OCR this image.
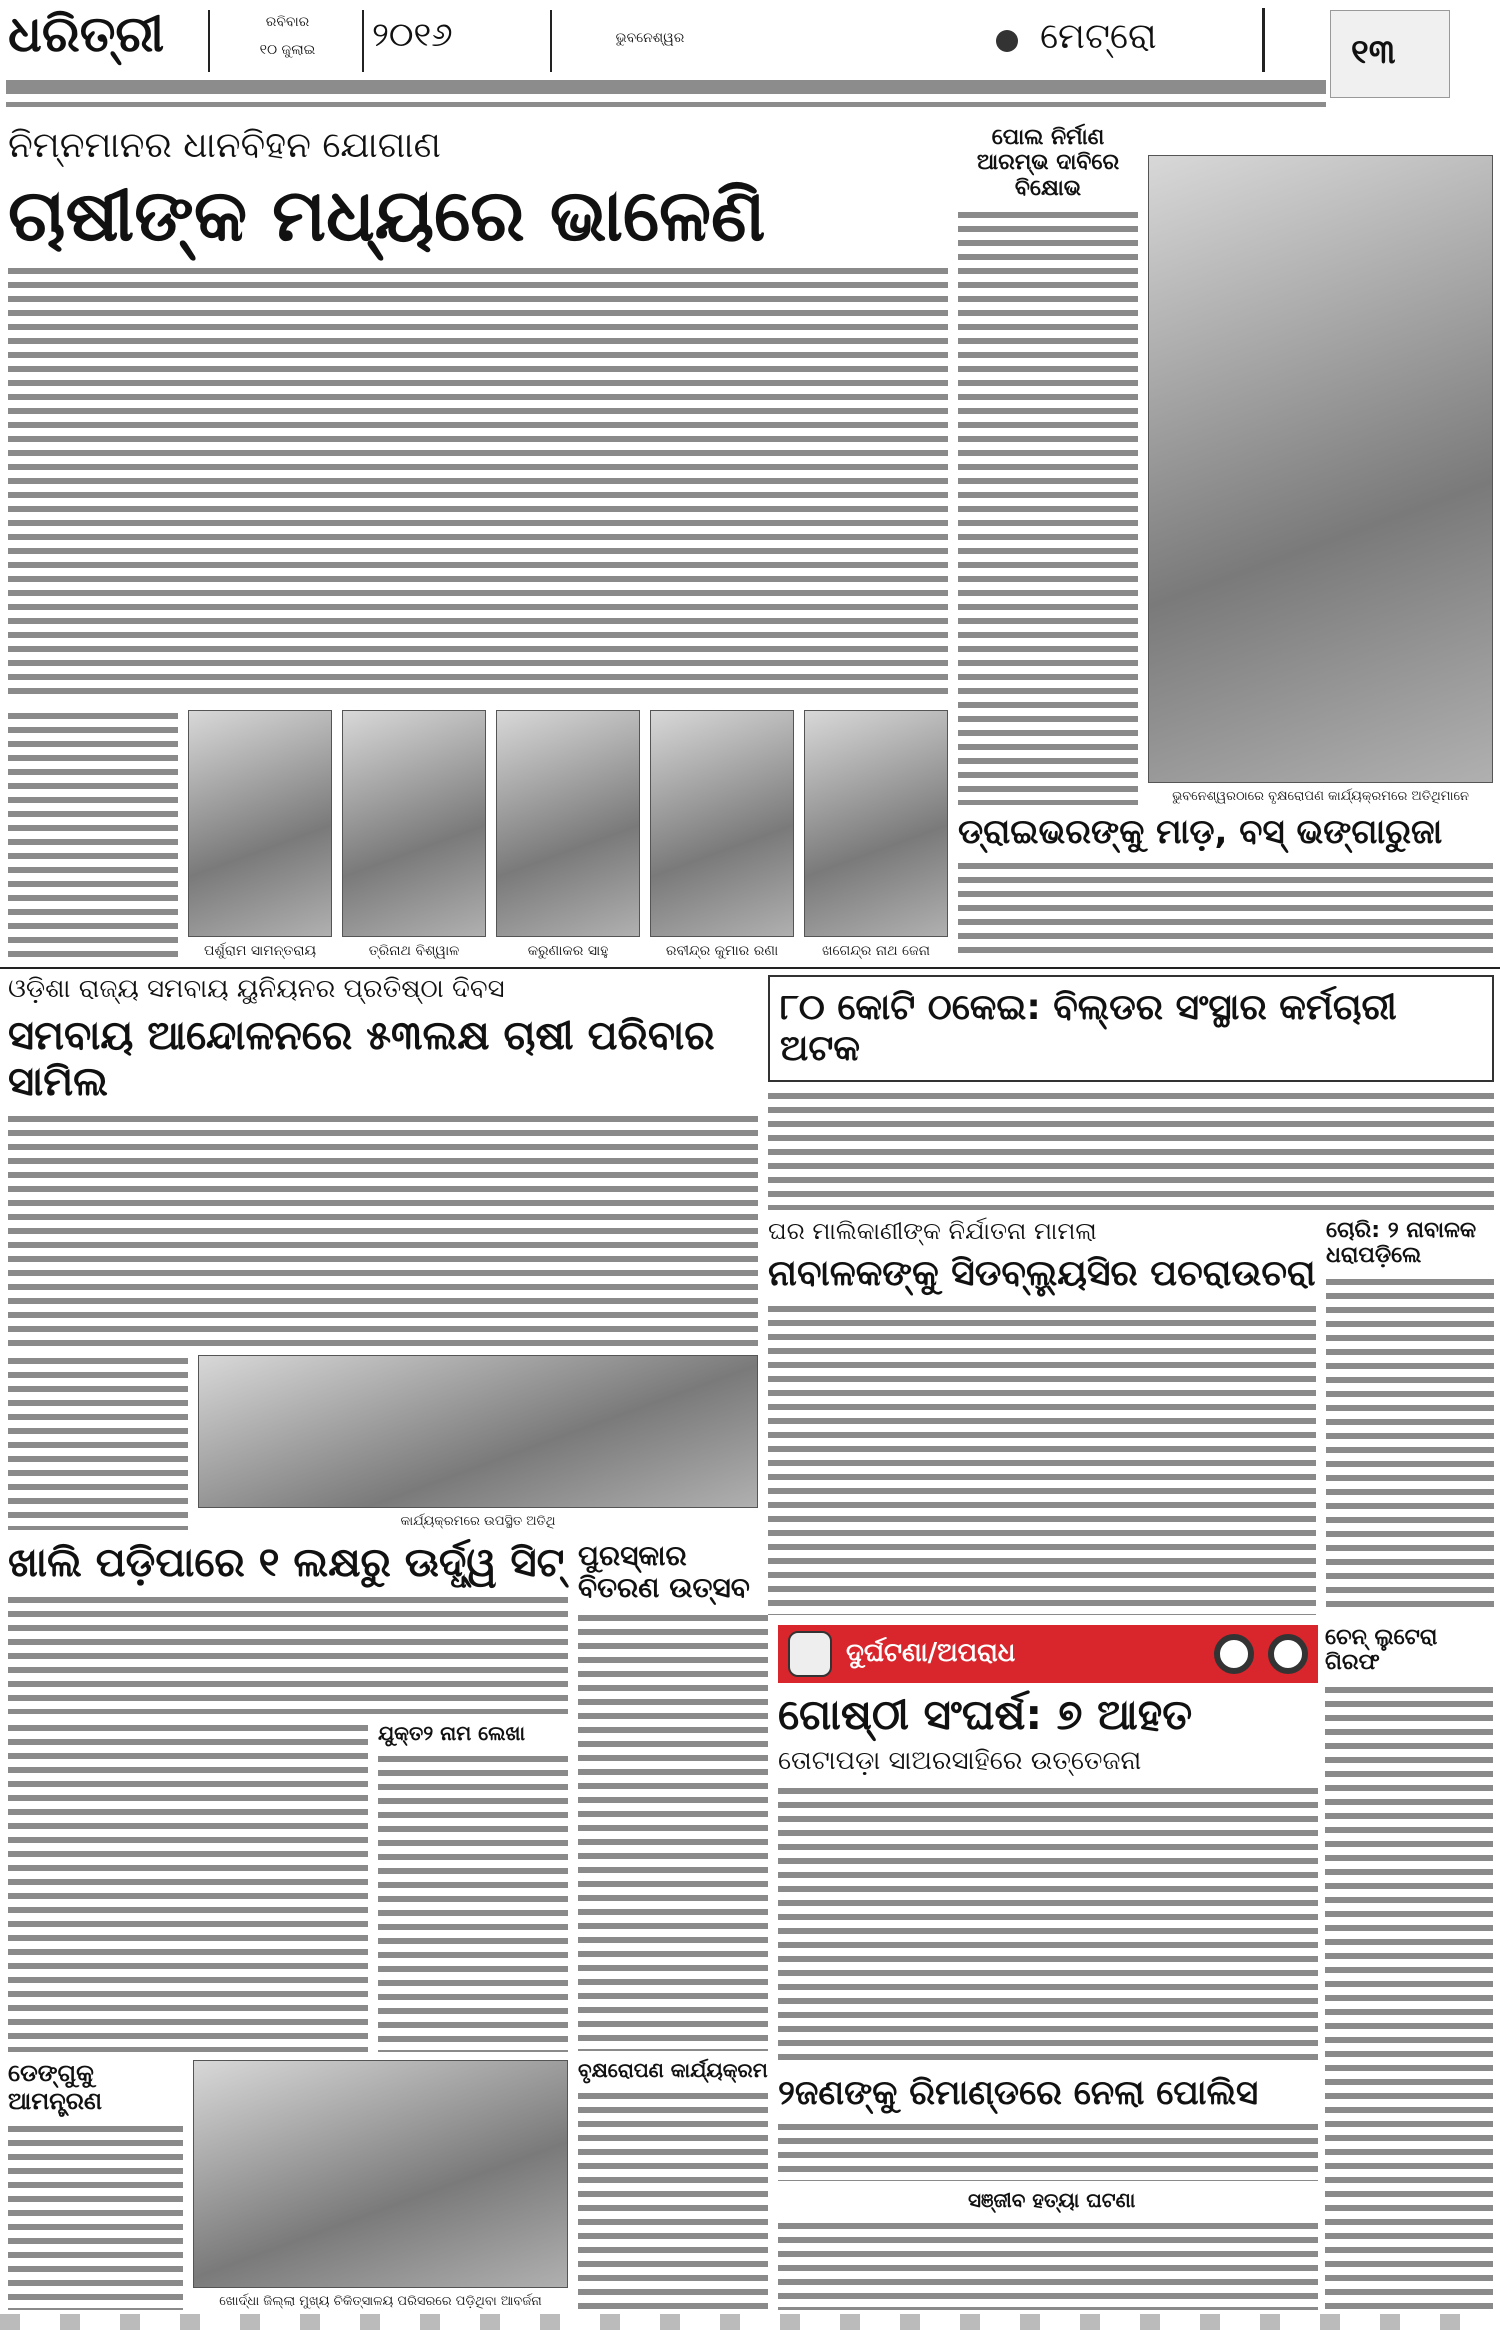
ଧରିତ୍ରୀ	ରବିବାର
୧୦ ଜୁଲାଇ	୨୦୧୬	ଭୁବନେଶ୍ୱର	ମେଟ୍ରୋ	୧୩
ନିମ୍ନମାନର ଧାନବିହନ ଯୋଗାଣ
ଚାଷୀଙ୍କ ମଧ୍ୟରେ ଭାଳେଣି
ପର୍ଶୁରାମ ସାମନ୍ତରାୟ	ତ୍ରିନାଥ ବିଶ୍ୱାଳ	କରୁଣାକର ସାହୁ	ରବୀନ୍ଦ୍ର କୁମାର ରଣା	ଖଗେନ୍ଦ୍ର ନାଥ ଜେନା
ପୋଲ ନିର୍ମାଣ ଆରମ୍ଭ ଦାବିରେ ବିକ୍ଷୋଭ
ଭୁବନେଶ୍ୱରଠାରେ ବୃକ୍ଷରୋପଣ କାର୍ଯ୍ୟକ୍ରମରେ ଅତିଥିମାନେ
ଡ୍ରାଇଭରଙ୍କୁ ମାଡ଼, ବସ୍ ଭଙ୍ଗାରୁଜା
ଓଡ଼ିଶା ରାଜ୍ୟ ସମବାୟ ୟୁନିୟନର ପ୍ରତିଷ୍ଠା ଦିବସ
ସମବାୟ ଆନ୍ଦୋଳନରେ ୫୩ଲକ୍ଷ ଚାଷୀ ପରିବାର ସାମିଲ
କାର୍ଯ୍ୟକ୍ରମରେ ଉପସ୍ଥିତ ଅତିଥି
୮୦ କୋଟି ଠକେଇ: ବିଲ୍ଡର ସଂସ୍ଥାର କର୍ମଚାରୀ ଅଟକ
ଘର ମାଲିକାଣୀଙ୍କ ନିର୍ଯାତନା ମାମଲା
ନାବାଳକଙ୍କୁ ସିଡବ୍ଲ୍ୟୁସିର ପଚରାଉଚରା
ଚୋରି: ୨ ନାବାଳକ ଧରାପଡ଼ିଲେ
ଖାଲି ପଡ଼ିପାରେ ୧ ଲକ୍ଷରୁ ଊର୍ଦ୍ଧ୍ୱ ସିଟ୍
ଯୁକ୍ତ୨ ନାମ ଲେଖା
ଡେଙ୍ଗୁକୁ ଆମନ୍ତ୍ରଣ
ଖୋର୍ଦ୍ଧା ଜିଲ୍ଲା ମୁଖ୍ୟ ଚିକିତ୍ସାଳୟ ପରିସରରେ ପଡ଼ିଥିବା ଆବର୍ଜନା
ପୁରସ୍କାର ବିତରଣ ଉତ୍ସବ
ବୃକ୍ଷରୋପଣ କାର୍ଯ୍ୟକ୍ରମ
ଦୁର୍ଘଟଣା/ଅପରାଧ
ଗୋଷ୍ଠୀ ସଂଘର୍ଷ: ୭ ଆହତ
ତୋଟାପଡ଼ା ସାଅରସାହିରେ ଉତ୍ତେଜନା
୨ଜଣଙ୍କୁ ରିମାଣ୍ଡରେ ନେଲା ପୋଲିସ
ସଞ୍ଜୀବ ହତ୍ୟା ଘଟଣା
ଚେନ୍ ଲୁଟେରା ଗିରଫ
